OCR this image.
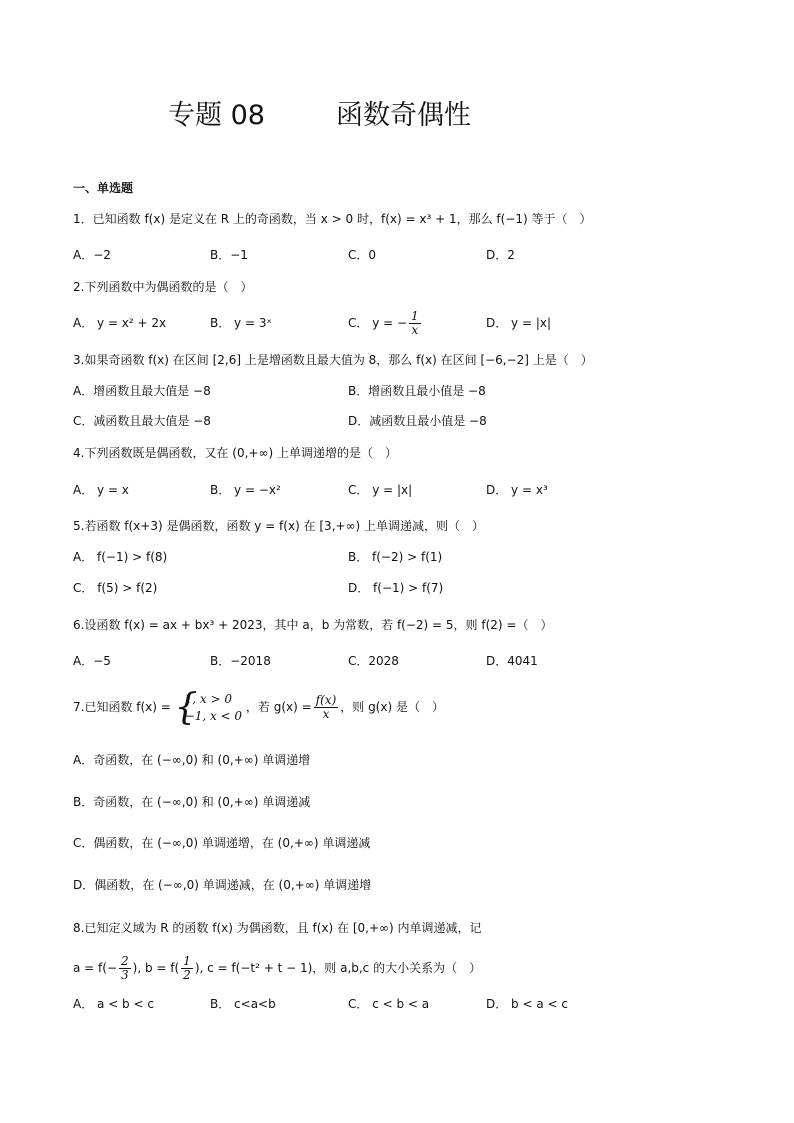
专题 08	函数奇偶性
一、单选题
1．已知函数 f(x) 是定义在 R 上的奇函数，当 x > 0 时，f(x) = x³ + 1，那么 f(−1) 等于（　）
A．−2	B．−1	C．0	D．2
2.下列函数中为偶函数的是（　）
A． y = x² + 2x	B． y = 3ˣ	C． y = − $\frac{1}{x}$	D． y = |x|
3.如果奇函数 f(x) 在区间 [2,6] 上是增函数且最大值为 8，那么 f(x) 在区间 [−6,−2] 上是（　）
A．增函数且最大值是 −8	B．增函数且最小值是 −8
C．减函数且最大值是 −8	D．减函数且最小值是 −8
4.下列函数既是偶函数，又在 (0,+∞) 上单调递增的是（　）
A． y = x	B． y = −x²	C． y = |x|	D． y = x³
5.若函数 f(x+3) 是偶函数，函数 y = f(x) 在 [3,+∞) 上单调递减，则（　）
A． f(−1) > f(8)	B． f(−2) > f(1)
C． f(5) > f(2)	D． f(−1) > f(7)
6.设函数 f(x) = ax + bx³ + 2023，其中 a，b 为常数，若 f(−2) = 5，则 f(2) =（　）
A．−5	B．−2018	C．2028	D．4041
7.已知函数 f(x) = {
1, x > 0
−1, x < 0
，若 $g(x) = \frac{f(x)}{x}$ ，则 g(x) 是（　）
A．奇函数，在 (−∞,0) 和 (0,+∞) 单调递增
B．奇函数，在 (−∞,0) 和 (0,+∞) 单调递减
C．偶函数，在 (−∞,0) 单调递增，在 (0,+∞) 单调递减
D．偶函数，在 (−∞,0) 单调递减，在 (0,+∞) 单调递增
8.已知定义域为 R 的函数 f(x) 为偶函数，且 f(x) 在 [0,+∞) 内单调递减，记
$a = f(- \frac{2}{3}$ ), $b = f( \frac{1}{2}$ ), c = f(−t² + t − 1)，则 a,b,c 的大小关系为（　）
A． a < b < c	B． c<a<b	C． c < b < a	D． b < a < c
